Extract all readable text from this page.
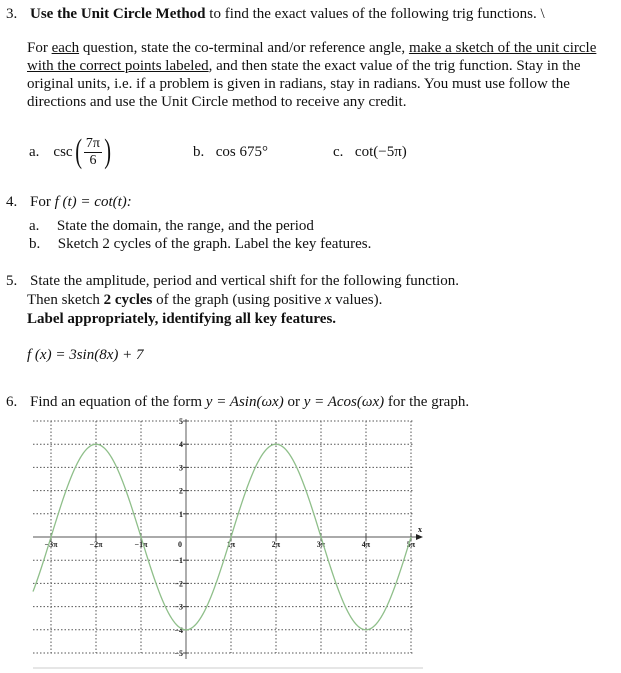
3. Use the Unit Circle Method to find the exact values of the following trig functions. \
For each question, state the co-terminal and/or reference angle, make a sketch of the unit circle
with the correct points labeled, and then state the exact value of the trig function. Stay in the
original units, i.e. if a problem is given in radians, stay in radians. You must use follow the
directions and use the Unit Circle method to receive any credit.
a. csc ( $\frac{7\pi}{6}$ )	b. cos 675°	c. cot(−5π)
4. For f (t) = cot(t):
a. State the domain, the range, and the period
b. Sketch 2 cycles of the graph. Label the key features.
5. State the amplitude, period and vertical shift for the following function.
Then sketch 2 cycles of the graph (using positive x values).
Label appropriately, identifying all key features.
f (x) = 3sin(8x) + 7
6. Find an equation of the form y = Asin(ωx) or y = Acos(ωx) for the graph.
x
−3π	−2π	−1π	0	1π	2π	3π	4π	5π
5
4
3
2
1
−1
−2
−3
−4
−5
